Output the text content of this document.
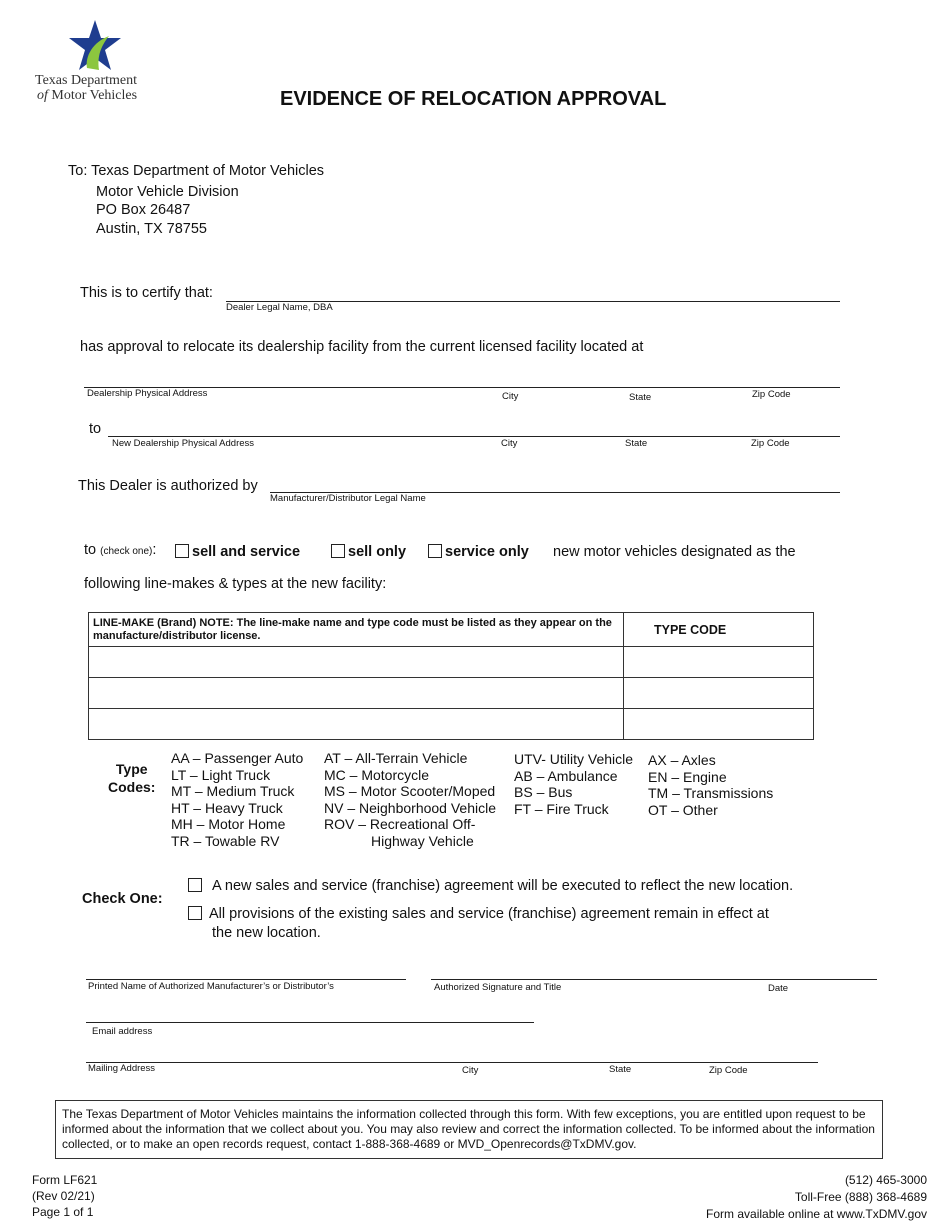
Texas Department
of Motor Vehicles	EVIDENCE OF RELOCATION APPROVAL
To: Texas Department of Motor Vehicles
Motor Vehicle Division
PO Box 26487
Austin, TX 78755
This is to certify that:
Dealer Legal Name, DBA
has approval to relocate its dealership facility from the current licensed facility located at
Dealership Physical Address	City	State	Zip Code
to
New Dealership Physical Address	City	State	Zip Code
This Dealer is authorized by
Manufacturer/Distributor Legal Name
to (check one):	sell and service	sell only	service only new motor vehicles designated as the
following line-makes & types at the new facility:
LINE-MAKE (Brand) NOTE: The line-make name and type code must be listed as they appear on the manufacture/distributor license.	TYPE CODE

Type
Codes:
AA – Passenger Auto
LT – Light Truck
MT – Medium Truck
HT – Heavy Truck
MH – Motor Home
TR – Towable RV
AT – All-Terrain Vehicle
MC – Motorcycle
MS – Motor Scooter/Moped
NV – Neighborhood Vehicle
ROV – Recreational Off-
Highway Vehicle
UTV- Utility Vehicle
AB – Ambulance
BS – Bus
FT – Fire Truck
AX – Axles
EN – Engine
TM – Transmissions
OT – Other
Check One:
A new sales and service (franchise) agreement will be executed to reflect the new location.
All provisions of the existing sales and service (franchise) agreement remain in effect at
the new location.
Printed Name of Authorized Manufacturer’s or Distributor’s	Authorized Signature and Title	Date
Email address
Mailing Address	City	State	Zip Code
The Texas Department of Motor Vehicles maintains the information collected through this form. With few exceptions, you are entitled upon request to be informed about the information that we collect about you. You may also review and correct the information collected. To be informed about the information collected, or to make an open records request, contact 1-888-368-4689 or MVD_Openrecords@TxDMV.gov.
Form LF621
(Rev 02/21)
Page 1 of 1
(512) 465-3000
Toll-Free (888) 368-4689
Form available online at www.TxDMV.gov
